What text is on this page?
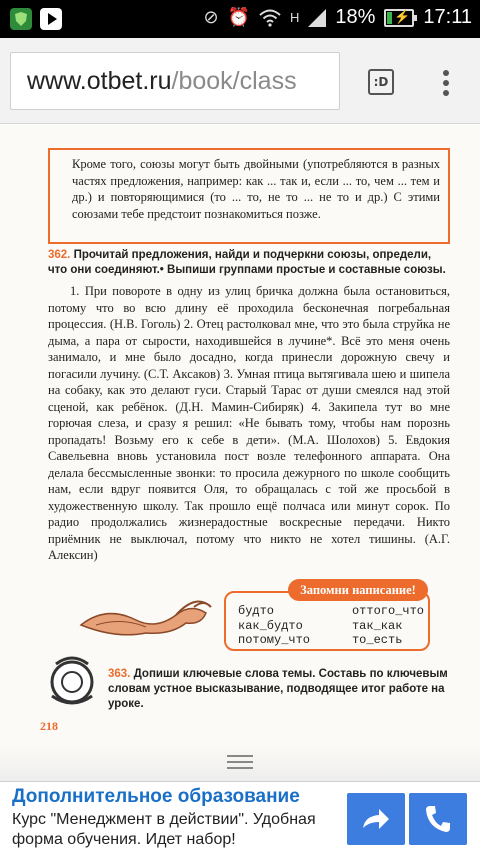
⊘ ⏰	H 18% ⚡ 17:11
www.otbet.ru/book/class	:D
Кроме того, союзы могут быть двойными (употребляются в разных частях предложения, например: как ... так и, если ... то, чем ... тем и др.) и повторяющимися (то ... то, не то ... не то и др.) С этими союзами тебе предстоит познакомиться позже.
362. Прочитай предложения, найди и подчеркни союзы, определи, что они соединяют.• Выпиши группами простые и составные союзы.

1. При повороте в одну из улиц бричка должна была остановиться, потому что во всю длину её проходила бесконечная погребальная процессия. (Н.В. Гоголь) 2. Отец растолковал мне, что это была струйка не дыма, а пара от сырости, находившейся в лучине*. Всё это меня очень занимало, и мне было досадно, когда принесли дорожную свечу и погасили лучину. (С.Т. Аксаков) 3. Умная птица вытягивала шею и шипела на собаку, как это делают гуси. Старый Тарас от души смеялся над этой сценой, как ребёнок. (Д.Н. Мамин-Сибиряк) 4. Закипела тут во мне горючая слеза, и сразу я решил: «Не бывать тому, чтобы нам порознь пропадать! Возьму его к себе в дети». (М.А. Шолохов) 5. Евдокия Савельевна вновь установила пост возле телефонного аппарата. Она делала бессмысленные звонки: то просила дежурного по школе сообщить нам, если вдруг появится Оля, то обращалась с той же просьбой в художественную школу. Так прошло ещё полчаса или минут сорок. По радио продолжались жизнерадостные воскресные передачи. Никто приёмник не выключал, потому что никто не хотел тишины. (А.Г. Алексин)

будто	оттого_что
как_будто	так_как
потому_что	то_есть
Запомни написание!
363. Допиши ключевые слова темы. Составь по ключевым словам устное высказывание, подводящее итог работе на уроке.
218
Дополнительное образование
Курс "Менеджмент в действии". Удобная форма обучения. Идет набор!
